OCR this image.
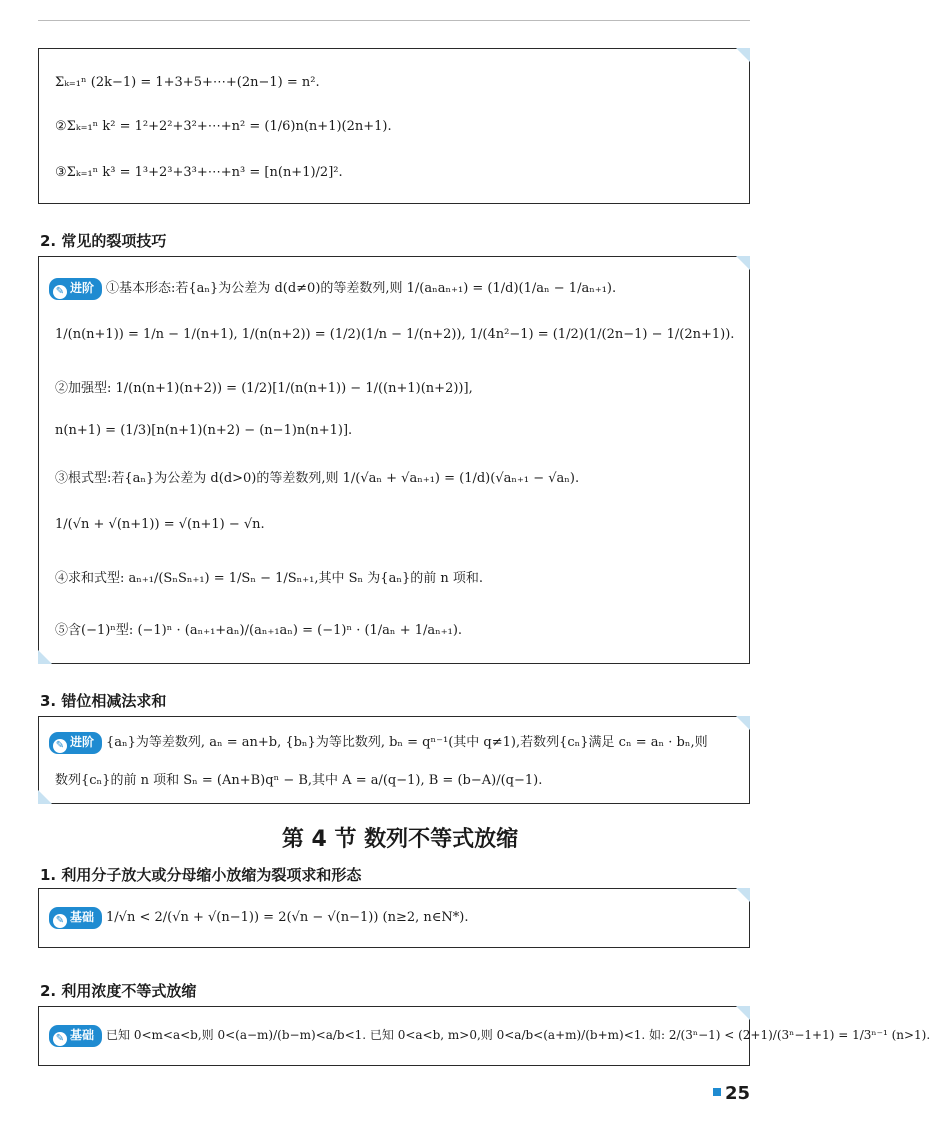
Σₖ₌₁ⁿ (2k−1) = 1+3+5+⋯+(2n−1) = n².
②Σₖ₌₁ⁿ k² = 1²+2²+3²+⋯+n² = (1/6)n(n+1)(2n+1).
③Σₖ₌₁ⁿ k³ = 1³+2³+3³+⋯+n³ = [n(n+1)/2]².
2. 常见的裂项技巧
✎ 进阶 ①基本形态:若{aₙ}为公差为 d(d≠0)的等差数列,则 1/(aₙaₙ₊₁) = (1/d)(1/aₙ − 1/aₙ₊₁).
1/(n(n+1)) = 1/n − 1/(n+1), 1/(n(n+2)) = (1/2)(1/n − 1/(n+2)), 1/(4n²−1) = (1/2)(1/(2n−1) − 1/(2n+1)).
②加强型: 1/(n(n+1)(n+2)) = (1/2)[1/(n(n+1)) − 1/((n+1)(n+2))],
n(n+1) = (1/3)[n(n+1)(n+2) − (n−1)n(n+1)].
③根式型:若{aₙ}为公差为 d(d>0)的等差数列,则 1/(√aₙ + √aₙ₊₁) = (1/d)(√aₙ₊₁ − √aₙ).
1/(√n + √(n+1)) = √(n+1) − √n.
④求和式型: aₙ₊₁/(SₙSₙ₊₁) = 1/Sₙ − 1/Sₙ₊₁,其中 Sₙ 为{aₙ}的前 n 项和.
⑤含(−1)ⁿ型: (−1)ⁿ · (aₙ₊₁+aₙ)/(aₙ₊₁aₙ) = (−1)ⁿ · (1/aₙ + 1/aₙ₊₁).
3. 错位相减法求和
✎ 进阶 {aₙ}为等差数列, aₙ = an+b, {bₙ}为等比数列, bₙ = qⁿ⁻¹(其中 q≠1),若数列{cₙ}满足 cₙ = aₙ · bₙ,则
数列{cₙ}的前 n 项和 Sₙ = (An+B)qⁿ − B,其中 A = a/(q−1), B = (b−A)/(q−1).
第 4 节 数列不等式放缩
1. 利用分子放大或分母缩小放缩为裂项求和形态
✎ 基础 1/√n < 2/(√n + √(n−1)) = 2(√n − √(n−1)) (n≥2, n∈N*).
2. 利用浓度不等式放缩
✎ 基础 已知 0<m<a<b,则 0<(a−m)/(b−m)<a/b<1. 已知 0<a<b, m>0,则 0<a/b<(a+m)/(b+m)<1. 如: 2/(3ⁿ−1) < (2+1)/(3ⁿ−1+1) = 1/3ⁿ⁻¹ (n>1).
25
